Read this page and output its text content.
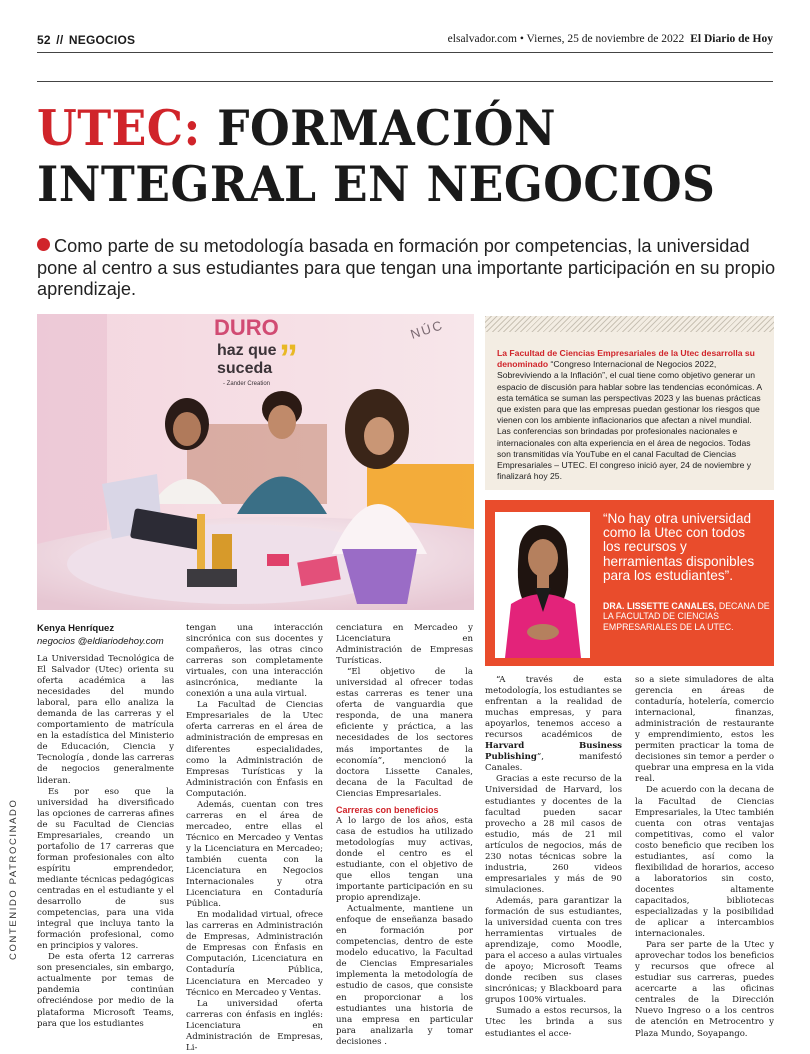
52 // NEGOCIOS	elsalvador.com • Viernes, 25 de noviembre de 2022 El Diario de Hoy
UTEC: FORMACIÓN INTEGRAL EN NEGOCIOS

Como parte de su metodología basada en formación por competencias, la universidad pone al centro a sus estudiantes para que tengan una importante participación en su propio aprendizaje.

DURO
haz que
suceda
- Zander Creation
”
NÚC

La Facultad de Ciencias Empresariales de la Utec desarrolla su denominado “Congreso Internacional de Negocios 2022, Sobreviviendo a la Inflación”, el cual tiene como objetivo generar un espacio de discusión para hablar sobre las tendencias económicas. A esta temática se suman las perspectivas 2023 y las buenas prácticas que existen para que las empresas puedan gestionar los riesgos que vienen con los ambiente inflacionarios que afectan a nivel mundial. Las conferencias son brindadas por profesionales nacionales e internacionales con alta experiencia en el área de negocios. Todas son transmitidas vía YouTube en el canal Facultad de Ciencias Empresariales – UTEC. El congreso inició ayer, 24 de noviembre y finalizará hoy 25.

“No hay otra universidad como la Utec con todos los recursos y herramientas disponibles para los estudiantes”.

DRA. LISSETTE CANALES, DECANA DE LA FACULTAD DE CIENCIAS EMPRESARIALES DE LA UTEC.

Kenya Henríquez
negocios @eldiariodehoy.com
CONTENIDO PATROCINADO

La Universidad Tecnológica de El Salvador (Utec) orienta su oferta académica a las necesidades del mundo laboral, para ello analiza la demanda de las carreras y el comportamiento de matrícula en la estadística del Ministerio de Educación, Ciencia y Tecnología , donde las carreras de negocios generalmente lideran.

Es por eso que la universidad ha diversificado las opciones de carreras afines de su Facultad de Ciencias Empresariales, creando un portafolio de 17 carreras que forman profesionales con alto espíritu emprendedor, mediante técnicas pedagógicas centradas en el estudiante y el desarrollo de sus competencias, para una vida integral que incluya tanto la formación profesional, como en principios y valores.

De esta oferta 12 carreras son presenciales, sin embargo, actualmente por temas de pandemia continúan ofreciéndose por medio de la plataforma Microsoft Teams, para que los estudiantes

tengan una interacción sincrónica con sus docentes y compañeros, las otras cinco carreras son completamente virtuales, con una interacción asincrónica, mediante la conexión a una aula virtual.

La Facultad de Ciencias Empresariales de la Utec oferta carreras en el área de administración de empresas en diferentes especialidades, como la Administración de Empresas Turísticas y la Administración con Énfasis en Computación.

Además, cuentan con tres carreras en el área de mercadeo, entre ellas el Técnico en Mercadeo y Ventas y la Licenciatura en Mercadeo; también cuenta con la Licenciatura en Negocios Internacionales y otra Licenciatura en Contaduría Pública.

En modalidad virtual, ofrece las carreras en Administración de Empresas, Administración de Empresas con Énfasis en Computación, Licenciatura en Contaduría Pública, Licenciatura en Mercadeo y Técnico en Mercadeo y Ventas.

La universidad oferta carreras con énfasis en inglés: Licenciatura en Administración de Empresas, Li-

cenciatura en Mercadeo y Licenciatura en Administración de Empresas Turísticas.

“El objetivo de la universidad al ofrecer todas estas carreras es tener una oferta de vanguardia que responda, de una manera eficiente y práctica, a las necesidades de los sectores más importantes de la economía”, mencionó la doctora Lissette Canales, decana de la Facultad de Ciencias Empresariales.

Carreras con beneficios

A lo largo de los años, esta casa de estudios ha utilizado metodologías muy activas, donde el centro es el estudiante, con el objetivo de que ellos tengan una importante participación en su propio aprendizaje.

Actualmente, mantiene un enfoque de enseñanza basado en formación por competencias, dentro de este modelo educativo, la Facultad de Ciencias Empresariales implementa la metodología de estudio de casos, que consiste en proporcionar a los estudiantes una historia de una empresa en particular para analizarla y tomar decisiones .

“A través de esta metodología, los estudiantes se enfrentan a la realidad de muchas empresas, y para apoyarlos, tenemos acceso a recursos académicos de Harvard Business Publishing”, manifestó Canales.

Gracias a este recurso de la Universidad de Harvard, los estudiantes y docentes de la facultad pueden sacar provecho a 28 mil casos de estudio, más de 21 mil artículos de negocios, más de 230 notas técnicas sobre la industria, 260 videos empresariales y más de 90 simulaciones.

Además, para garantizar la formación de sus estudiantes, la universidad cuenta con tres herramientas virtuales de aprendizaje, como Moodle, para el acceso a aulas virtuales de apoyo; Microsoft Teams donde reciben sus clases sincrónicas; y Blackboard para grupos 100% virtuales.

Sumado a estos recursos, la Utec les brinda a sus estudiantes el acce-

so a siete simuladores de alta gerencia en áreas de contaduría, hotelería, comercio internacional, finanzas, administración de restaurante y emprendimiento, estos les permiten practicar la toma de decisiones sin temor a perder o quebrar una empresa en la vida real.

De acuerdo con la decana de la Facultad de Ciencias Empresariales, la Utec también cuenta con otras ventajas competitivas, como el valor costo beneficio que reciben los estudiantes, así como la flexibilidad de horarios, acceso a laboratorios sin costo, docentes altamente capacitados, bibliotecas especializadas y la posibilidad de aplicar a intercambios internacionales.

Para ser parte de la Utec y aprovechar todos los beneficios y recursos que ofrece al estudiar sus carreras, puedes acercarte a las oficinas centrales de la Dirección Nuevo Ingreso o a los centros de atención en Metrocentro y Plaza Mundo, Soyapango.
